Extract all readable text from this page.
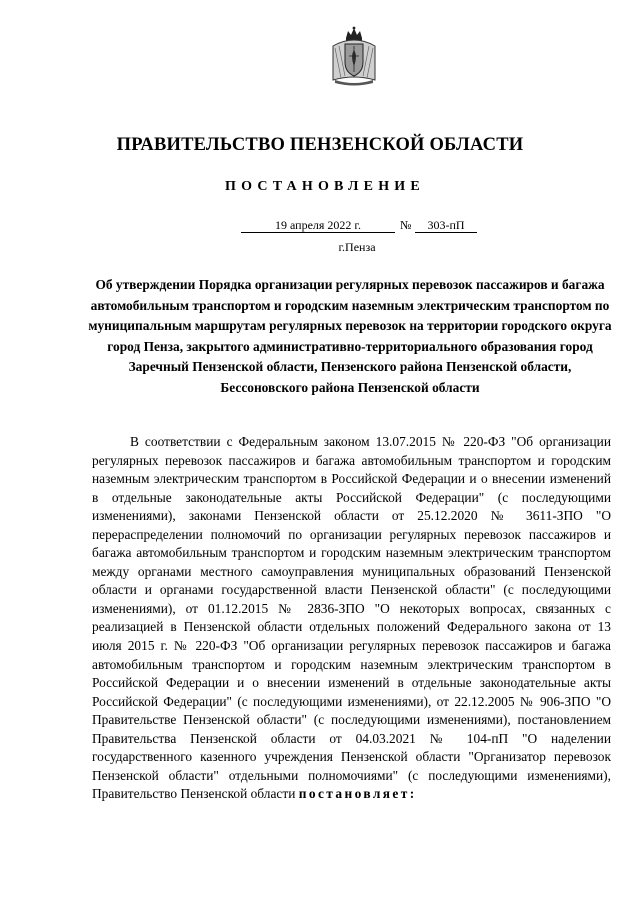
ПРАВИТЕЛЬСТВО ПЕНЗЕНСКОЙ ОБЛАСТИ
ПОСТАНОВЛЕНИЕ
19 апреля 2022 г.	№	303-пП
г.Пенза
Об утверждении Порядка организации регулярных перевозок пассажиров и багажа автомобильным транспортом и городским наземным электрическим транспортом по муниципальным маршрутам регулярных перевозок на территории городского округа город Пенза, закрытого административно-территориального образования город Заречный Пензенской области, Пензенского района Пензенской области, Бессоновского района Пензенской области

В соответствии с Федеральным законом 13.07.2015 № 220-ФЗ "Об организации регулярных перевозок пассажиров и багажа автомобильным транспортом и городским наземным электрическим транспортом в Российской Федерации и о внесении изменений в отдельные законодательные акты Российской Федерации" (с последующими изменениями), законами Пензенской области от 25.12.2020 № 3611-ЗПО "О перераспределении полномочий по организации регулярных перевозок пассажиров и багажа автомобильным транспортом и городским наземным электрическим транспортом между органами местного самоуправления муниципальных образований Пензенской области и органами государственной власти Пензенской области" (с последующими изменениями), от 01.12.2015 № 2836-ЗПО "О некоторых вопросах, связанных с реализацией в Пензенской области отдельных положений Федерального закона от 13 июля 2015 г. № 220-ФЗ "Об организации регулярных перевозок пассажиров и багажа автомобильным транспортом и городским наземным электрическим транспортом в Российской Федерации и о внесении изменений в отдельные законодательные акты Российской Федерации" (с последующими изменениями), от 22.12.2005 № 906-ЗПО "О Правительстве Пензенской области" (с последующими изменениями), постановлением Правительства Пензенской области от 04.03.2021 № 104-пП "О наделении государственного казенного учреждения Пензенской области "Организатор перевозок Пензенской области" отдельными полномочиями" (с последующими изменениями), Правительство Пензенской области постановляет:
